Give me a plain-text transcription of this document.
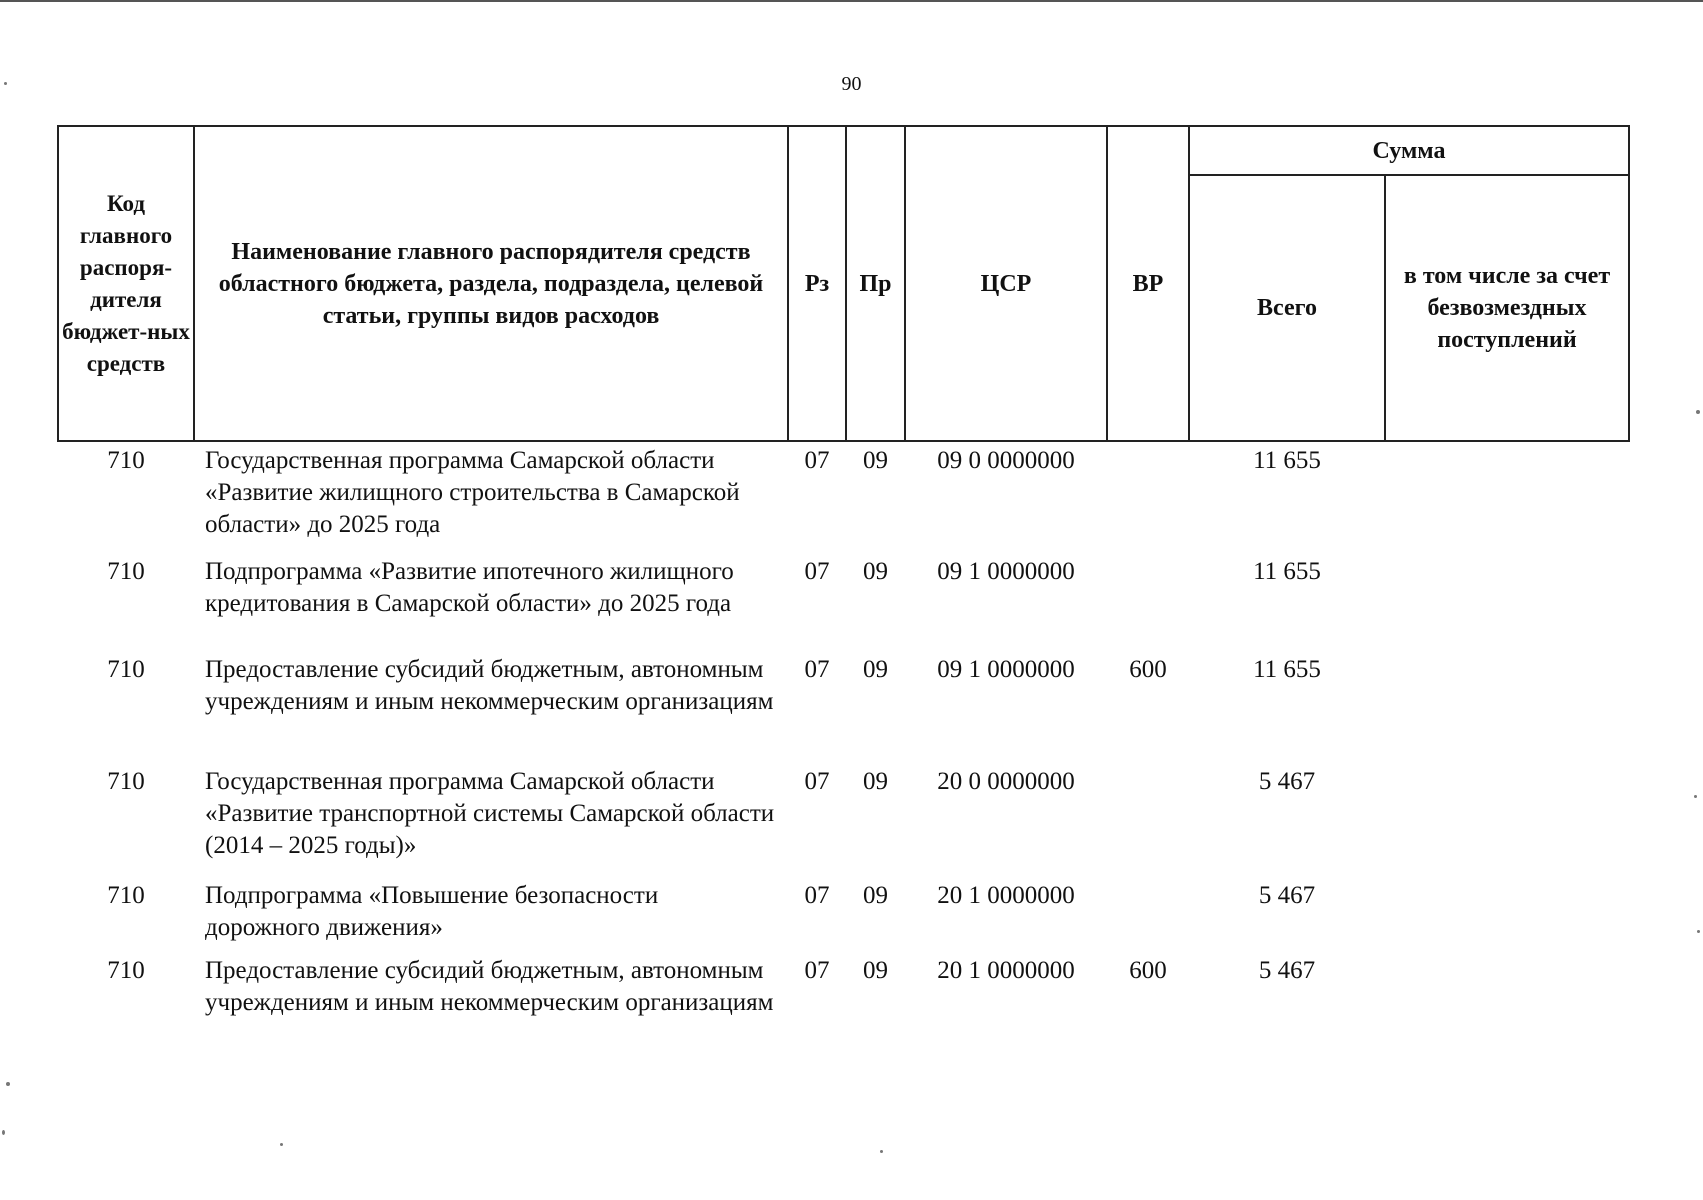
90
Код главного распоря-дителя бюджет-ных средств	Наименование главного распорядителя средств областного бюджета, раздела, подраздела, целевой статьи, группы видов расходов	Рз	Пр	ЦСР	ВР	Сумма	
						Всего	в том числе за счет безвозмездных поступлений
710	Государственная программа Самарской области «Развитие жилищного строительства в Самарской области» до 2025 года	07	09	09 0 0000000		11 655	
710	Подпрограмма «Развитие ипотечного жилищного кредитования в Самарской области» до 2025 года	07	09	09 1 0000000		11 655	
710	Предоставление субсидий бюджетным, автономным учреждениям и иным некоммерческим организациям	07	09	09 1 0000000	600	11 655	
710	Государственная программа Самарской области «Развитие транспортной системы Самарской области (2014 – 2025 годы)»	07	09	20 0 0000000		5 467	
710	Подпрограмма «Повышение безопасности дорожного движения»	07	09	20 1 0000000		5 467	
710	Предоставление субсидий бюджетным, автономным учреждениям и иным некоммерческим организациям	07	09	20 1 0000000	600	5 467	
